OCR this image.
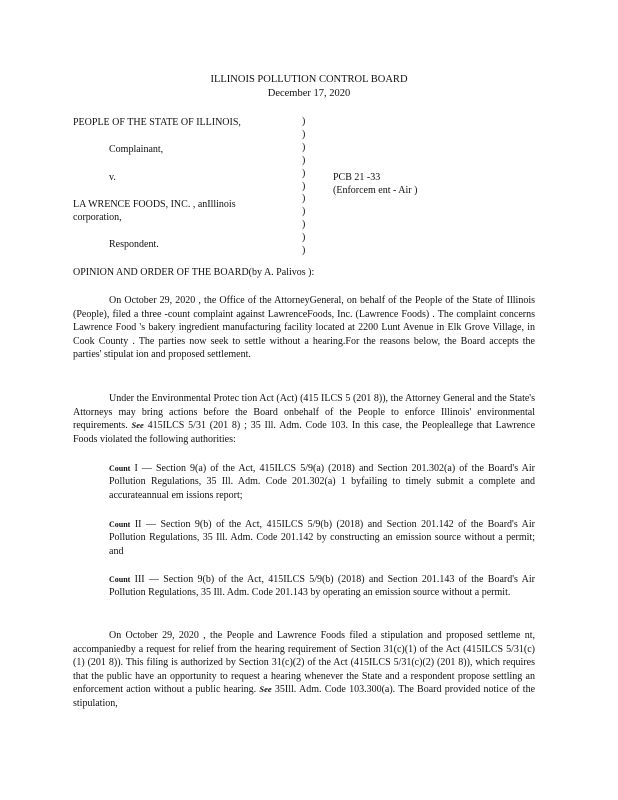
ILLINOIS POLLUTION CONTROL BOARD
December 17, 2020
PEOPLE OF THE STATE OF ILLINOIS,
Complainant,
v.
LA WRENCE FOODS, INC. , anIllinois
corporation,
Respondent.
)
)
)
)
)
)
)
)
)
)
)
PCB 21 -33
(Enforcem ent - Air )
OPINION AND ORDER OF THE BOARD(by A. Palivos ):
On October 29, 2020 , the Office of the AttorneyGeneral, on behalf of the People of the State of Illinois (People), filed a three -count complaint against LawrenceFoods, Inc. (Lawrence Foods) . The complaint concerns Lawrence Food 's bakery ingredient manufacturing facility located at 2200 Lunt Avenue in Elk Grove Village, in Cook County . The parties now seek to settle without a hearing.For the reasons below, the Board accepts the parties' stipulat ion and proposed settlement.
Under the Environmental Protec tion Act (Act) (415 ILCS 5 (201 8)), the Attorney General and the State's Attorneys may bring actions before the Board onbehalf of the People to enforce Illinois' environmental requirements. See 415ILCS 5/31 (201 8) ; 35 Ill. Adm. Code 103. In this case, the Peopleallege that Lawrence Foods violated the following authorities:
Count I — Section 9(a) of the Act, 415ILCS 5/9(a) (2018) and Section 201.302(a) of the Board's Air Pollution Regulations, 35 Ill. Adm. Code 201.302(a) 1 byfailing to timely submit a complete and accurateannual em issions report;
Count II — Section 9(b) of the Act, 415ILCS 5/9(b) (2018) and Section 201.142 of the Board's Air Pollution Regulations, 35 Ill. Adm. Code 201.142 by constructing an emission source without a permit; and
Count III — Section 9(b) of the Act, 415ILCS 5/9(b) (2018) and Section 201.143 of the Board's Air Pollution Regulations, 35 Ill. Adm. Code 201.143 by operating an emission source without a permit.
On October 29, 2020 , the People and Lawrence Foods filed a stipulation and proposed settleme nt, accompaniedby a request for relief from the hearing requirement of Section 31(c)(1) of the Act (415ILCS 5/31(c)(1) (201 8)). This filing is authorized by Section 31(c)(2) of the Act (415ILCS 5/31(c)(2) (201 8)), which requires that the public have an opportunity to request a hearing whenever the State and a respondent propose settling an enforcement action without a public hearing. See 35Ill. Adm. Code 103.300(a). The Board provided notice of the stipulation,
